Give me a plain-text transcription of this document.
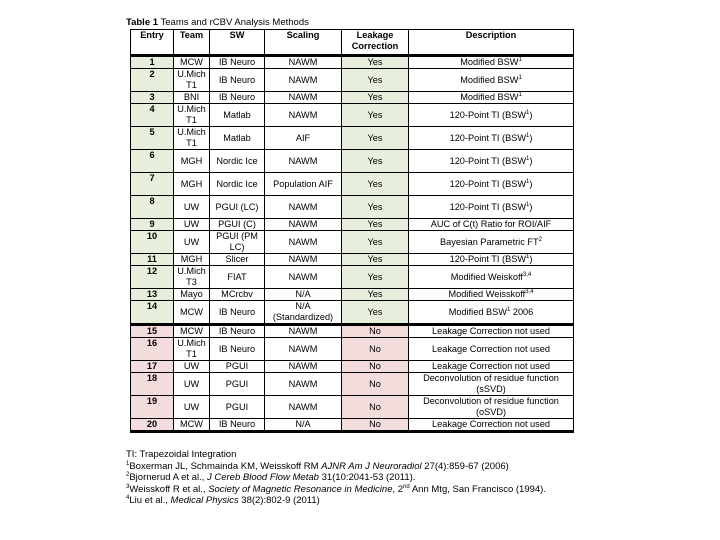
Table 1 Teams and rCBV Analysis Methods
Entry	Team	SW	Scaling	Leakage Correction	Description
1	MCW	IB Neuro	NAWM	Yes	Modified BSW$^1$
2	U.Mich T1	IB Neuro	NAWM	Yes	Modified BSW$^1$
3	BNI	IB Neuro	NAWM	Yes	Modified BSW$^1$
4	U.Mich T1	Matlab	NAWM	Yes	120-Point TI (BSW$^1$)
5	U.Mich T1	Matlab	AIF	Yes	120-Point TI (BSW$^1$)
6	MGH	Nordic Ice	NAWM	Yes	120-Point TI (BSW$^1$)
7	MGH	Nordic Ice	Population AIF	Yes	120-Point TI (BSW$^1$)
8	UW	PGUI (LC)	NAWM	Yes	120-Point TI (BSW$^1$)
9	UW	PGUI (C)	NAWM	Yes	AUC of C(t) Ratio for ROI/AIF
10	UW	PGUI (PM LC)	NAWM	Yes	Bayesian Parametric $FT^2$
11	MGH	Slicer	NAWM	Yes	120-Point TI (BSW$^1$)
12	U.Mich T3	FIAT	NAWM	Yes	Modified Weiskoff$^{3,4}$
13	Mayo	MCrcbv	N/A	Yes	Modified Weisskoff$^{3,4}$
14	MCW	IB Neuro	N/A (Standardized)	Yes	Modified BSW$^1$ 2006
15	MCW	IB Neuro	NAWM	No	Leakage Correction not used
16	U.Mich T1	IB Neuro	NAWM	No	Leakage Correction not used
17	UW	PGUI	NAWM	No	Leakage Correction not used
18	UW	PGUI	NAWM	No	Deconvolution of residue function (sSVD)
19	UW	PGUI	NAWM	No	Deconvolution of residue function (oSVD)
20	MCW	IB Neuro	N/A	No	Leakage Correction not used
TI: Trapezoidal Integration
$^1$Boxerman JL, Schmainda KM, Weisskoff RM AJNR Am J Neuroradiol 27(4):859-67 (2006)
$^2$Bjornerud A et al., J Cereb Blood Flow Metab 31(10:2041-53 (2011).
$^3$Weisskoff R et al., Society of Magnetic Resonance in Medicine, 2nd Ann Mtg, San Francisco (1994).
$^4$Liu et al., Medical Physics 38(2):802-9 (2011)
